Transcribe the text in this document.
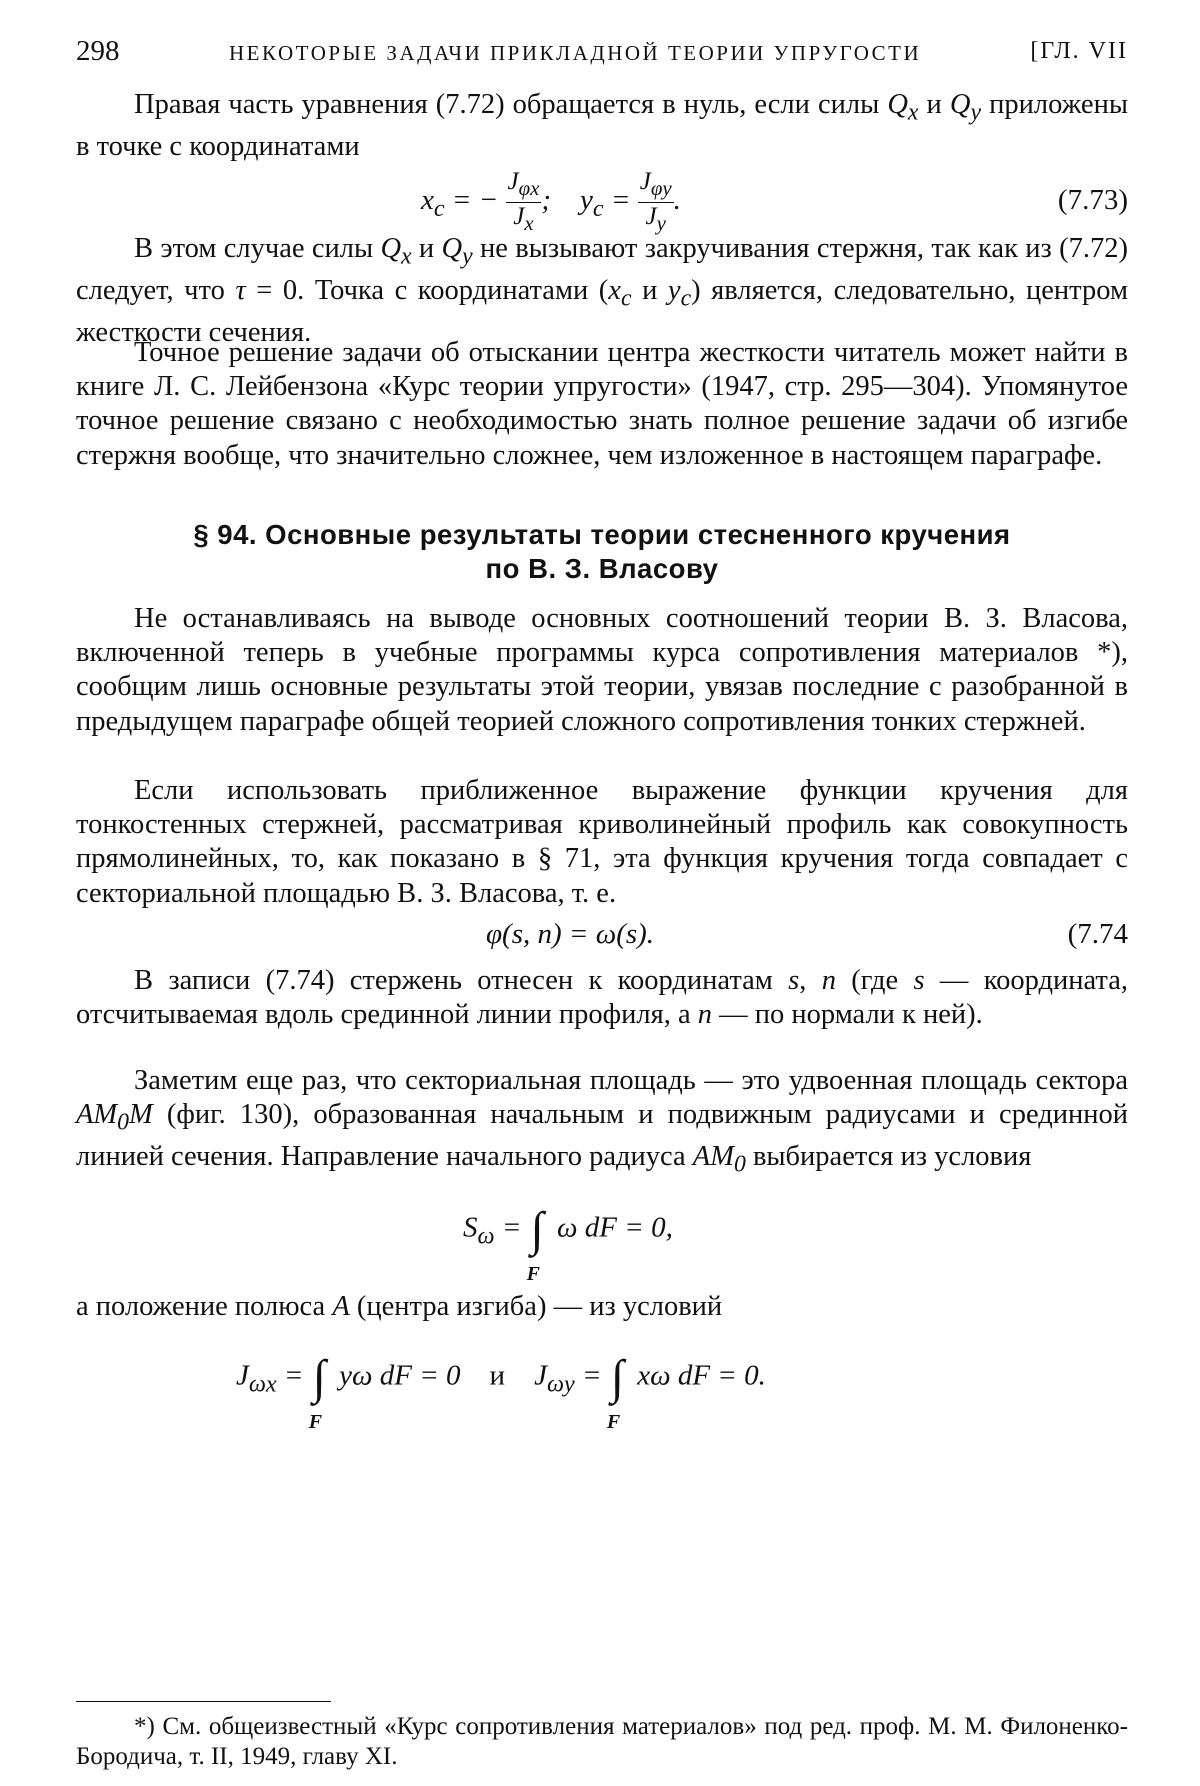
298	НЕКОТОРЫЕ ЗАДАЧИ ПРИКЛАДНОЙ ТЕОРИИ УПРУГОСТИ	[ГЛ. VII

Правая часть уравнения (7.72) обращается в нуль, если силы $Q_x$ и $Q_y$ приложены в точке с координатами

$x_c$ = − $\frac{J_{\varphi x}}{J_x}$ ;    $y_c = \frac{J_{\varphi y}}{J_y}$ .	(7.73)

В этом случае силы $Q_x$ и $Q_y$ не вызывают закручивания стержня, так как из (7.72) следует, что τ = 0. Точка с координатами ($x_c$ и $y_c$) является, следовательно, центром жесткости сечения.

Точное решение задачи об отыскании центра жесткости читатель может найти в книге Л. С. Лейбензона «Курс теории упругости» (1947, стр. 295—304). Упомянутое точное решение связано с необходимостью знать полное решение задачи об изгибе стержня вообще, что значительно сложнее, чем изложенное в настоящем параграфе.

§ 94. Основные результаты теории стесненного кручения
по В. З. Власову

Не останавливаясь на выводе основных соотношений теории В. З. Власова, включенной теперь в учебные программы курса сопротивления материалов *), сообщим лишь основные результаты этой теории, увязав последние с разобранной в предыдущем параграфе общей теорией сложного сопротивления тонких стержней.

Если использовать приближенное выражение функции кручения для тонкостенных стержней, рассматривая криволинейный профиль как совокупность прямолинейных, то, как показано в § 71, эта функция кручения тогда совпадает с секториальной площадью В. З. Власова, т. е.

φ(s, n) = ω(s).	(7.74

В записи (7.74) стержень отнесен к координатам s, n (где s — координата, отсчитываемая вдоль срединной линии профиля, а n — по нормали к ней).

Заметим еще раз, что секториальная площадь — это удвоенная площадь сектора $AM_0M$ (фиг. 130), образованная начальным и подвижным радиусами и срединной линией сечения. Направление начального радиуса $AM_0$ выбирается из условия

$S_\omega$ = ∫
F
ω dF = 0,

а положение полюса A (центра изгиба) — из условий

$J_{\omega x}$ = ∫
F
yω dF = 0    и    $J_{\omega y}$ = ∫
F
xω dF = 0.

*) См. общеизвестный «Курс сопротивления материалов» под ред. проф. М. М. Филоненко-Бородича, т. II, 1949, главу XI.
